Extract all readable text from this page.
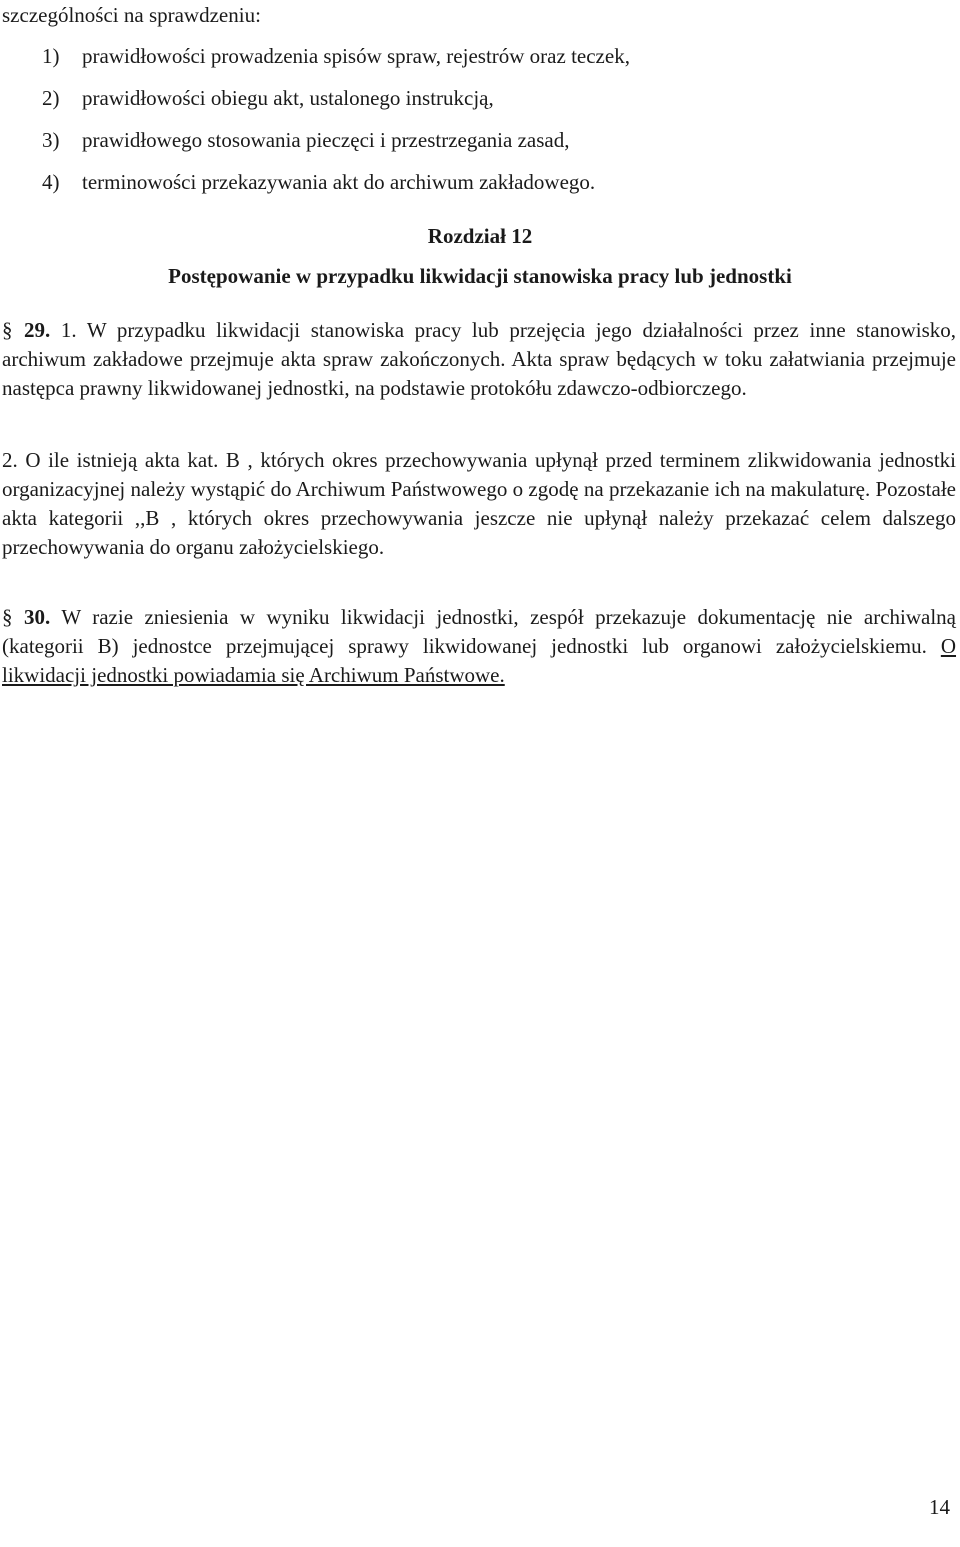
szczególności na sprawdzeniu:
1) prawidłowości prowadzenia spisów spraw, rejestrów oraz teczek,
2) prawidłowości obiegu akt, ustalonego instrukcją,
3) prawidłowego stosowania pieczęci i przestrzegania zasad,
4) terminowości przekazywania akt do archiwum zakładowego.
Rozdział 12
Postępowanie w przypadku likwidacji stanowiska pracy lub jednostki
§ 29. 1. W przypadku likwidacji stanowiska pracy lub przejęcia jego działalności przez inne stanowisko, archiwum zakładowe przejmuje akta spraw zakończonych. Akta spraw będących w toku załatwiania przejmuje następca prawny likwidowanej jednostki, na podstawie protokółu zdawczo-odbiorczego.
2. O ile istnieją akta kat. B , których okres przechowywania upłynął przed terminem zlikwidowania jednostki organizacyjnej należy wystąpić do Archiwum Państwowego o zgodę na przekazanie ich na makulaturę. Pozostałe akta kategorii ,,B , których okres przechowywania jeszcze nie upłynął należy przekazać celem dalszego przechowywania do organu założycielskiego.
§ 30. W razie zniesienia w wyniku likwidacji jednostki, zespół przekazuje dokumentację nie archiwalną (kategorii B) jednostce przejmującej sprawy likwidowanej jednostki lub organowi założycielskiemu. O likwidacji jednostki powiadamia się Archiwum Państwowe.
14
